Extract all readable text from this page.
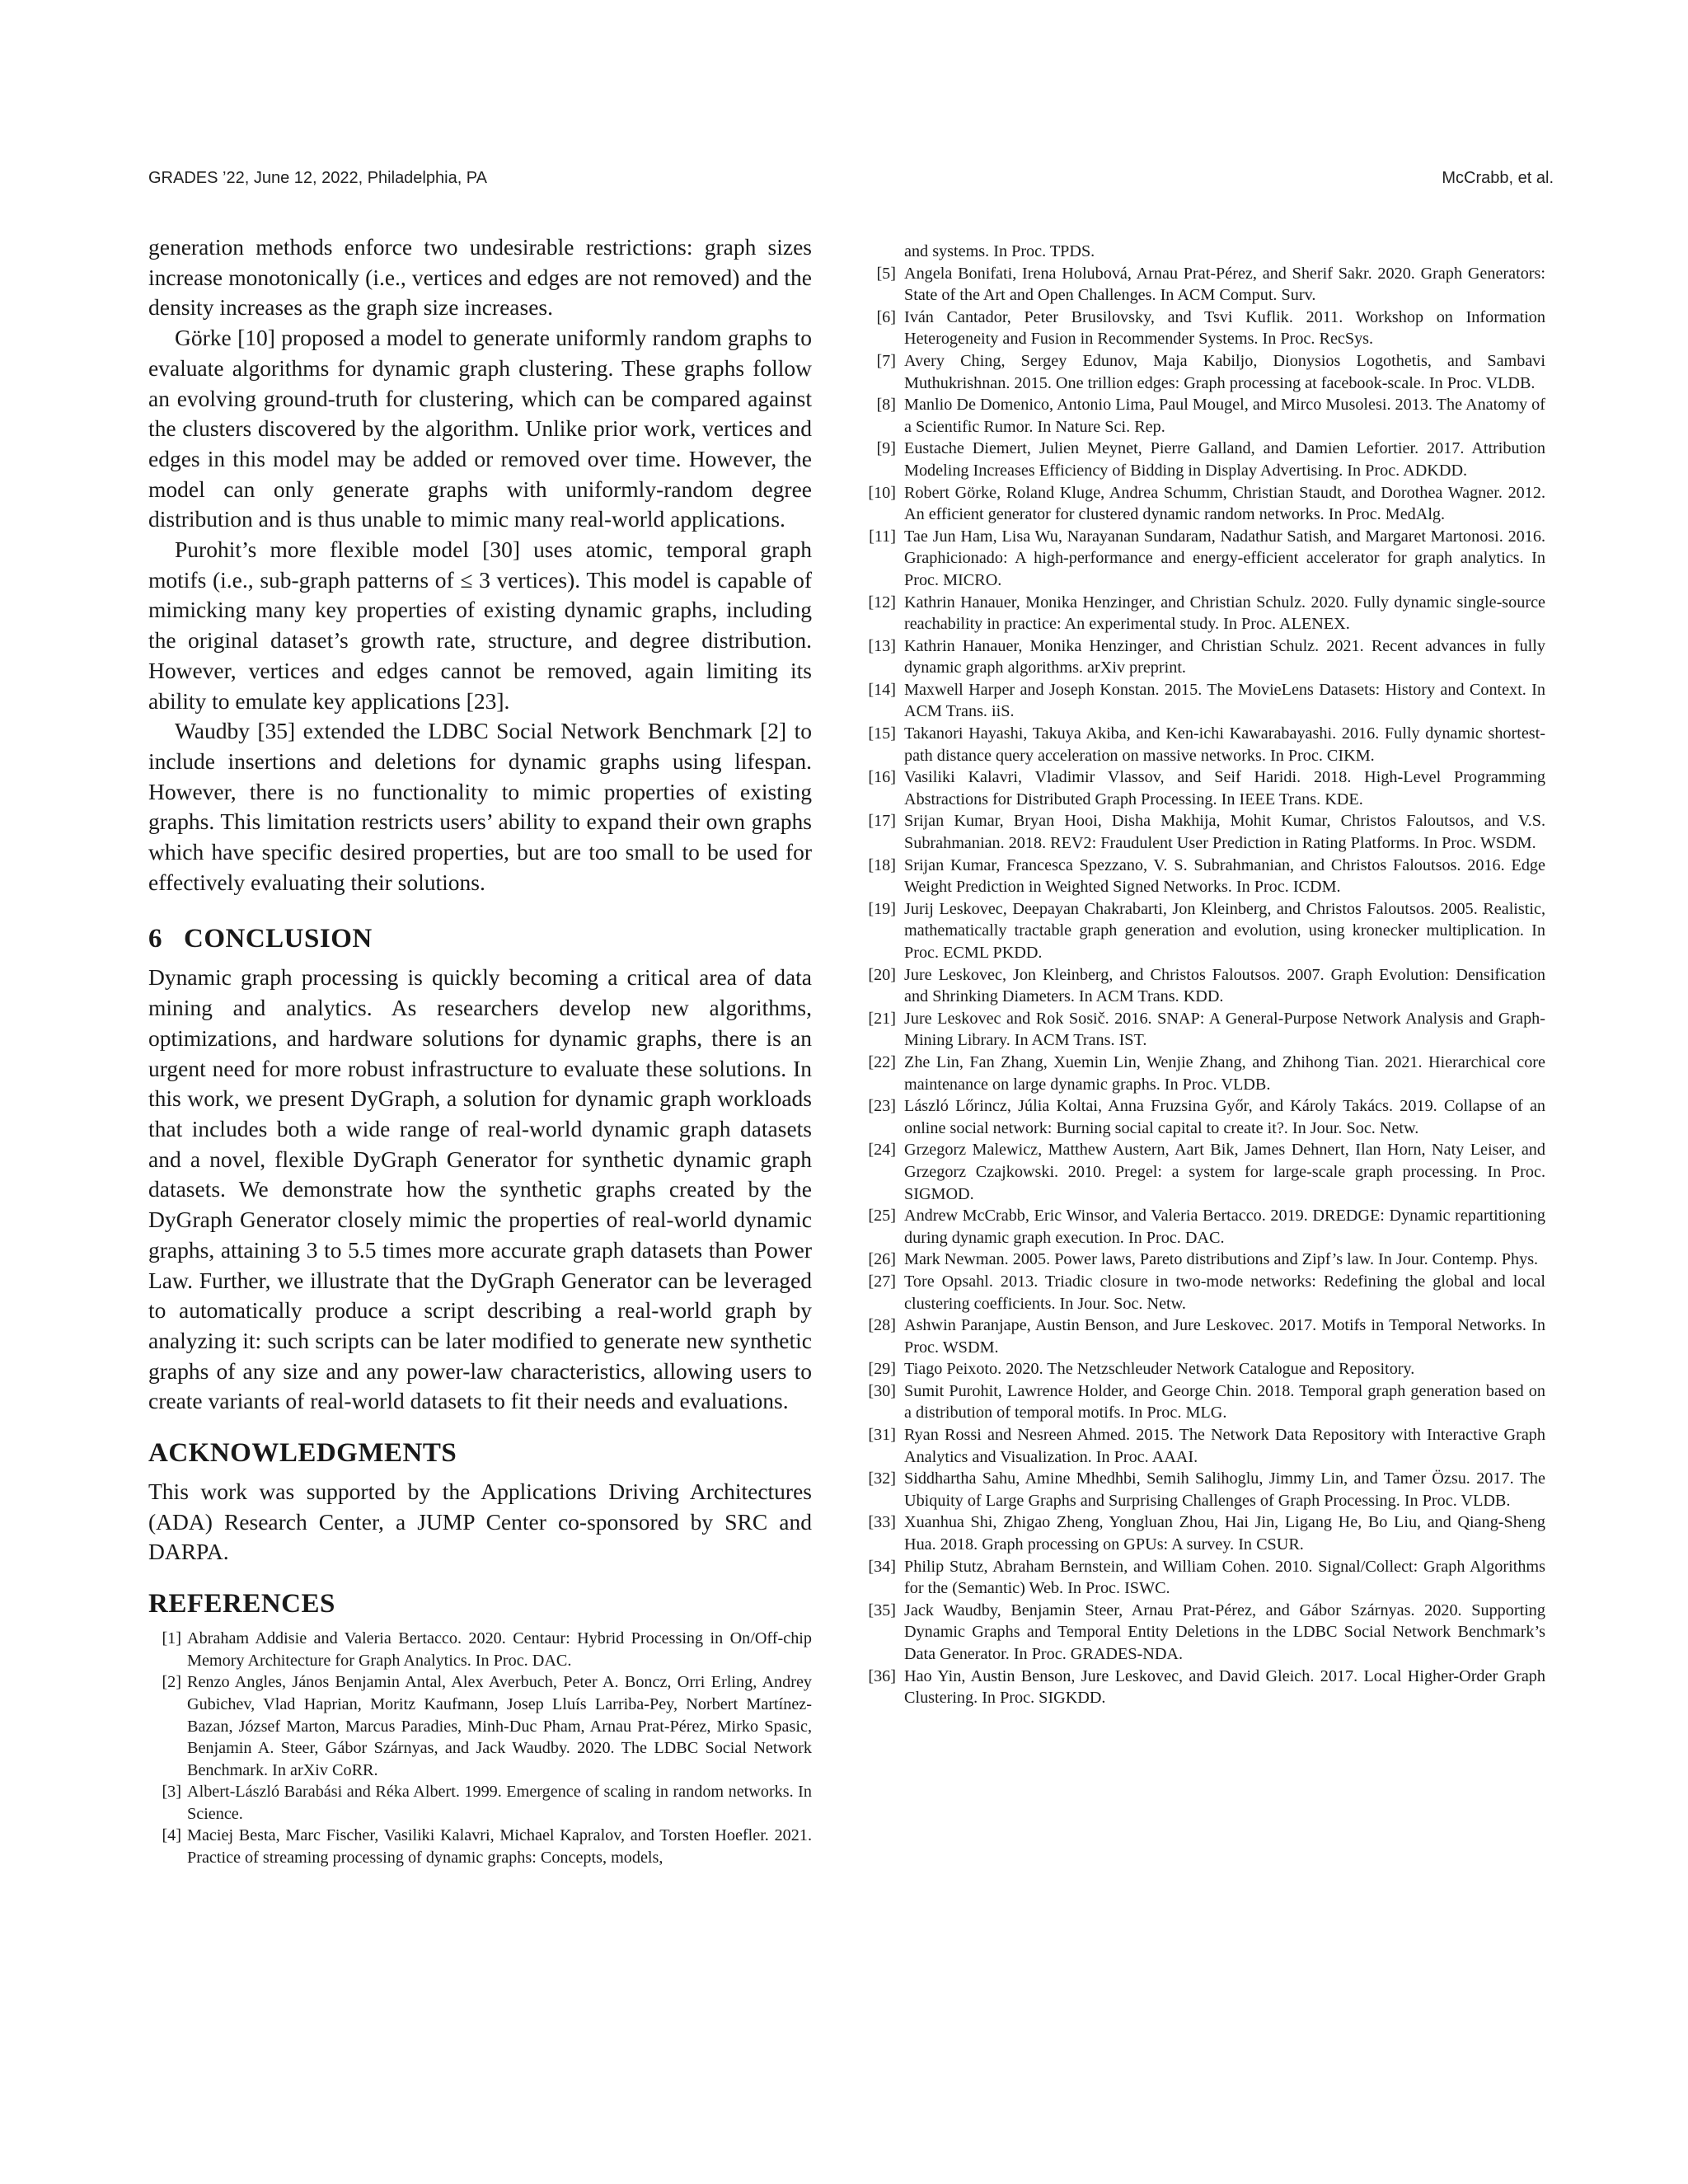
GRADES ’22, June 12, 2022, Philadelphia, PA	McCrabb, et al.

generation methods enforce two undesirable restrictions: graph sizes increase monotonically (i.e., vertices and edges are not removed) and the density increases as the graph size increases.

Görke [10] proposed a model to generate uniformly random graphs to evaluate algorithms for dynamic graph clustering. These graphs follow an evolving ground-truth for clustering, which can be compared against the clusters discovered by the algorithm. Unlike prior work, vertices and edges in this model may be added or removed over time. However, the model can only generate graphs with uniformly-random degree distribution and is thus unable to mimic many real-world applications.

Purohit’s more flexible model [30] uses atomic, temporal graph motifs (i.e., sub-graph patterns of ≤ 3 vertices). This model is capable of mimicking many key properties of existing dynamic graphs, including the original dataset’s growth rate, structure, and degree distribution. However, vertices and edges cannot be removed, again limiting its ability to emulate key applications [23].

Waudby [35] extended the LDBC Social Network Benchmark [2] to include insertions and deletions for dynamic graphs using lifespan. However, there is no functionality to mimic properties of existing graphs. This limitation restricts users’ ability to expand their own graphs which have specific desired properties, but are too small to be used for effectively evaluating their solutions.

6 CONCLUSION

Dynamic graph processing is quickly becoming a critical area of data mining and analytics. As researchers develop new algorithms, optimizations, and hardware solutions for dynamic graphs, there is an urgent need for more robust infrastructure to evaluate these solutions. In this work, we present DyGraph, a solution for dynamic graph workloads that includes both a wide range of real-world dynamic graph datasets and a novel, flexible DyGraph Generator for synthetic dynamic graph datasets. We demonstrate how the synthetic graphs created by the DyGraph Generator closely mimic the properties of real-world dynamic graphs, attaining 3 to 5.5 times more accurate graph datasets than Power Law. Further, we illustrate that the DyGraph Generator can be leveraged to automatically produce a script describing a real-world graph by analyzing it: such scripts can be later modified to generate new synthetic graphs of any size and any power-law characteristics, allowing users to create variants of real-world datasets to fit their needs and evaluations.

ACKNOWLEDGMENTS

This work was supported by the Applications Driving Architectures (ADA) Research Center, a JUMP Center co-sponsored by SRC and DARPA.

REFERENCES
[1] Abraham Addisie and Valeria Bertacco. 2020. Centaur: Hybrid Processing in On/Off-chip Memory Architecture for Graph Analytics. In Proc. DAC.
[2] Renzo Angles, János Benjamin Antal, Alex Averbuch, Peter A. Boncz, Orri Erling, Andrey Gubichev, Vlad Haprian, Moritz Kaufmann, Josep Lluís Larriba-Pey, Norbert Martínez-Bazan, József Marton, Marcus Paradies, Minh-Duc Pham, Arnau Prat-Pérez, Mirko Spasic, Benjamin A. Steer, Gábor Szárnyas, and Jack Waudby. 2020. The LDBC Social Network Benchmark. In arXiv CoRR.
[3] Albert-László Barabási and Réka Albert. 1999. Emergence of scaling in random networks. In Science.
[4] Maciej Besta, Marc Fischer, Vasiliki Kalavri, Michael Kapralov, and Torsten Hoefler. 2021. Practice of streaming processing of dynamic graphs: Concepts, models,
and systems. In Proc. TPDS.
[5] Angela Bonifati, Irena Holubová, Arnau Prat-Pérez, and Sherif Sakr. 2020. Graph Generators: State of the Art and Open Challenges. In ACM Comput. Surv.
[6] Iván Cantador, Peter Brusilovsky, and Tsvi Kuflik. 2011. Workshop on Information Heterogeneity and Fusion in Recommender Systems. In Proc. RecSys.
[7] Avery Ching, Sergey Edunov, Maja Kabiljo, Dionysios Logothetis, and Sambavi Muthukrishnan. 2015. One trillion edges: Graph processing at facebook-scale. In Proc. VLDB.
[8] Manlio De Domenico, Antonio Lima, Paul Mougel, and Mirco Musolesi. 2013. The Anatomy of a Scientific Rumor. In Nature Sci. Rep.
[9] Eustache Diemert, Julien Meynet, Pierre Galland, and Damien Lefortier. 2017. Attribution Modeling Increases Efficiency of Bidding in Display Advertising. In Proc. ADKDD.
[10] Robert Görke, Roland Kluge, Andrea Schumm, Christian Staudt, and Dorothea Wagner. 2012. An efficient generator for clustered dynamic random networks. In Proc. MedAlg.
[11] Tae Jun Ham, Lisa Wu, Narayanan Sundaram, Nadathur Satish, and Margaret Martonosi. 2016. Graphicionado: A high-performance and energy-efficient accelerator for graph analytics. In Proc. MICRO.
[12] Kathrin Hanauer, Monika Henzinger, and Christian Schulz. 2020. Fully dynamic single-source reachability in practice: An experimental study. In Proc. ALENEX.
[13] Kathrin Hanauer, Monika Henzinger, and Christian Schulz. 2021. Recent advances in fully dynamic graph algorithms. arXiv preprint.
[14] Maxwell Harper and Joseph Konstan. 2015. The MovieLens Datasets: History and Context. In ACM Trans. iiS.
[15] Takanori Hayashi, Takuya Akiba, and Ken-ichi Kawarabayashi. 2016. Fully dynamic shortest-path distance query acceleration on massive networks. In Proc. CIKM.
[16] Vasiliki Kalavri, Vladimir Vlassov, and Seif Haridi. 2018. High-Level Programming Abstractions for Distributed Graph Processing. In IEEE Trans. KDE.
[17] Srijan Kumar, Bryan Hooi, Disha Makhija, Mohit Kumar, Christos Faloutsos, and V.S. Subrahmanian. 2018. REV2: Fraudulent User Prediction in Rating Platforms. In Proc. WSDM.
[18] Srijan Kumar, Francesca Spezzano, V. S. Subrahmanian, and Christos Faloutsos. 2016. Edge Weight Prediction in Weighted Signed Networks. In Proc. ICDM.
[19] Jurij Leskovec, Deepayan Chakrabarti, Jon Kleinberg, and Christos Faloutsos. 2005. Realistic, mathematically tractable graph generation and evolution, using kronecker multiplication. In Proc. ECML PKDD.
[20] Jure Leskovec, Jon Kleinberg, and Christos Faloutsos. 2007. Graph Evolution: Densification and Shrinking Diameters. In ACM Trans. KDD.
[21] Jure Leskovec and Rok Sosič. 2016. SNAP: A General-Purpose Network Analysis and Graph-Mining Library. In ACM Trans. IST.
[22] Zhe Lin, Fan Zhang, Xuemin Lin, Wenjie Zhang, and Zhihong Tian. 2021. Hierarchical core maintenance on large dynamic graphs. In Proc. VLDB.
[23] László Lőrincz, Júlia Koltai, Anna Fruzsina Győr, and Károly Takács. 2019. Collapse of an online social network: Burning social capital to create it?. In Jour. Soc. Netw.
[24] Grzegorz Malewicz, Matthew Austern, Aart Bik, James Dehnert, Ilan Horn, Naty Leiser, and Grzegorz Czajkowski. 2010. Pregel: a system for large-scale graph processing. In Proc. SIGMOD.
[25] Andrew McCrabb, Eric Winsor, and Valeria Bertacco. 2019. DREDGE: Dynamic repartitioning during dynamic graph execution. In Proc. DAC.
[26] Mark Newman. 2005. Power laws, Pareto distributions and Zipf’s law. In Jour. Contemp. Phys.
[27] Tore Opsahl. 2013. Triadic closure in two-mode networks: Redefining the global and local clustering coefficients. In Jour. Soc. Netw.
[28] Ashwin Paranjape, Austin Benson, and Jure Leskovec. 2017. Motifs in Temporal Networks. In Proc. WSDM.
[29] Tiago Peixoto. 2020. The Netzschleuder Network Catalogue and Repository.
[30] Sumit Purohit, Lawrence Holder, and George Chin. 2018. Temporal graph generation based on a distribution of temporal motifs. In Proc. MLG.
[31] Ryan Rossi and Nesreen Ahmed. 2015. The Network Data Repository with Interactive Graph Analytics and Visualization. In Proc. AAAI.
[32] Siddhartha Sahu, Amine Mhedhbi, Semih Salihoglu, Jimmy Lin, and Tamer Özsu. 2017. The Ubiquity of Large Graphs and Surprising Challenges of Graph Processing. In Proc. VLDB.
[33] Xuanhua Shi, Zhigao Zheng, Yongluan Zhou, Hai Jin, Ligang He, Bo Liu, and Qiang-Sheng Hua. 2018. Graph processing on GPUs: A survey. In CSUR.
[34] Philip Stutz, Abraham Bernstein, and William Cohen. 2010. Signal/Collect: Graph Algorithms for the (Semantic) Web. In Proc. ISWC.
[35] Jack Waudby, Benjamin Steer, Arnau Prat-Pérez, and Gábor Szárnyas. 2020. Supporting Dynamic Graphs and Temporal Entity Deletions in the LDBC Social Network Benchmark’s Data Generator. In Proc. GRADES-NDA.
[36] Hao Yin, Austin Benson, Jure Leskovec, and David Gleich. 2017. Local Higher-Order Graph Clustering. In Proc. SIGKDD.
